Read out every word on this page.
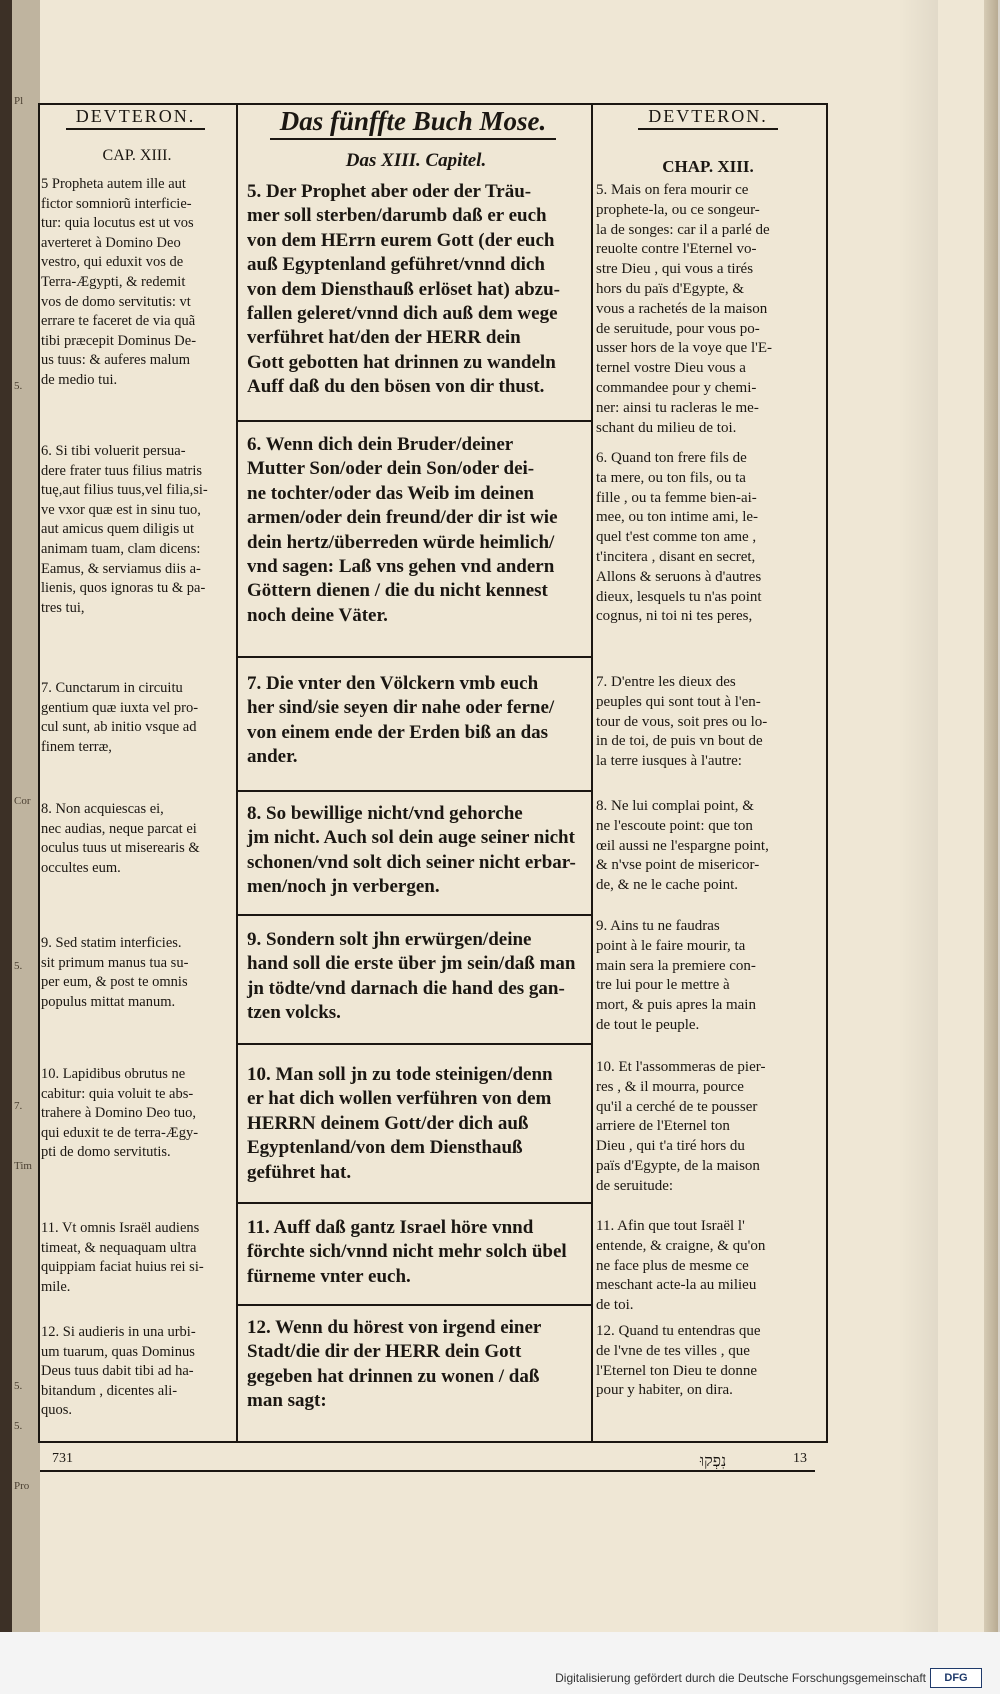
Pl
5.
Cor
5.
7.
Tim
5.
5.
Pro
DEVTERON.	Das fünffte Buch Mose.	DEVTERON.
CAP. XIII.	Das XIII. Capitel.	CHAP. XIII.
5 Propheta autem ille aut
fictor somniorũ interficie-
tur: quia locutus est ut vos
averteret à Domino Deo
vestro, qui eduxit vos de
Terra-Ægypti, & redemit
vos de domo servitutis: vt
errare te faceret de via quã
tibi præcepit Dominus De-
us tuus: & auferes malum
de medio tui.
6. Si tibi voluerit persua-
dere frater tuus filius matris
tuę,aut filius tuus,vel filia,si-
ve vxor quæ est in sinu tuo,
aut amicus quem diligis ut
animam tuam, clam dicens:
Eamus, & serviamus diis a-
lienis, quos ignoras tu & pa-
tres tui,
7. Cunctarum in circuitu
gentium quæ iuxta vel pro-
cul sunt, ab initio vsque ad
finem terræ,
8. Non acquiescas ei,
nec audias, neque parcat ei
oculus tuus ut miserearis &
occultes eum.
9. Sed statim interficies.
sit primum manus tua su-
per eum, & post te omnis
populus mittat manum.
10. Lapidibus obrutus ne
cabitur: quia voluit te abs-
trahere à Domino Deo tuo,
qui eduxit te de terra-Ægy-
pti de domo servitutis.
11. Vt omnis Israël audiens
timeat, & nequaquam ultra
quippiam faciat huius rei si-
mile.
12. Si audieris in una urbi-
um tuarum, quas Dominus
Deus tuus dabit tibi ad ha-
bitandum , dicentes ali-
quos.
5. Der Prophet aber oder der Träu-
mer soll sterben/darumb daß er euch
von dem HErrn eurem Gott (der euch
auß Egyptenland geführet/vnnd dich
von dem Diensthauß erlöset hat) abzu-
fallen geleret/vnnd dich auß dem wege
verführet hat/den der HERR dein
Gott gebotten hat drinnen zu wandeln
Auff daß du den bösen von dir thust.
6. Wenn dich dein Bruder/deiner
Mutter Son/oder dein Son/oder dei-
ne tochter/oder das Weib im deinen
armen/oder dein freund/der dir ist wie
dein hertz/überreden würde heimlich/
vnd sagen: Laß vns gehen vnd andern
Göttern dienen / die du nicht kennest
noch deine Väter.
7. Die vnter den Völckern vmb euch
her sind/sie seyen dir nahe oder ferne/
von einem ende der Erden biß an das
ander.
8. So bewillige nicht/vnd gehorche
jm nicht. Auch sol dein auge seiner nicht
schonen/vnd solt dich seiner nicht erbar-
men/noch jn verbergen.
9. Sondern solt jhn erwürgen/deine
hand soll die erste über jm sein/daß man
jn tödte/vnd darnach die hand des gan-
tzen volcks.
10. Man soll jn zu tode steinigen/denn
er hat dich wollen verführen von dem
HERRN deinem Gott/der dich auß
Egyptenland/von dem Diensthauß
geführet hat.
11. Auff daß gantz Israel höre vnnd
förchte sich/vnnd nicht mehr solch übel
fürneme vnter euch.
12. Wenn du hörest von irgend einer
Stadt/die dir der HERR dein Gott
gegeben hat drinnen zu wonen / daß
man sagt:
5. Mais on fera mourir ce
prophete-la, ou ce songeur-
la de songes: car il a parlé de
reuolte contre l'Eternel vo-
stre Dieu , qui vous a tirés
hors du païs d'Egypte, &
vous a rachetés de la maison
de seruitude, pour vous po-
usser hors de la voye que l'E-
ternel vostre Dieu vous a
commandee pour y chemi-
ner: ainsi tu racleras le me-
schant du milieu de toi.
6. Quand ton frere fils de
ta mere, ou ton fils, ou ta
fille , ou ta femme bien-ai-
mee, ou ton intime ami, le-
quel t'est comme ton ame ,
t'incitera , disant en secret,
Allons & seruons à d'autres
dieux, lesquels tu n'as point
cognus, ni toi ni tes peres,
7. D'entre les dieux des
peuples qui sont tout à l'en-
tour de vous, soit pres ou lo-
in de toi, de puis vn bout de
la terre iusques à l'autre:
8. Ne lui complai point, &
ne l'escoute point: que ton
œil aussi ne l'espargne point,
& n'vse point de misericor-
de, & ne le cache point.
9. Ains tu ne faudras
point à le faire mourir, ta
main sera la premiere con-
tre lui pour le mettre à
mort, & puis apres la main
de tout le peuple.
10. Et l'assommeras de pier-
res , & il mourra, pource
qu'il a cerché de te pousser
arriere de l'Eternel ton
Dieu , qui t'a tiré hors du
païs d'Egypte, de la maison
de seruitude:
11. Afin que tout Israël l'
entende, & craigne, & qu'on
ne face plus de mesme ce
meschant acte-la au milieu
de toi.
12. Quand tu entendras que
de l'vne de tes villes , que
l'Eternel ton Dieu te donne
pour y habiter, on dira.
731	נִפְקוּ	13
Digitalisierung gefördert durch die Deutsche Forschungsgemeinschaft	DFG
